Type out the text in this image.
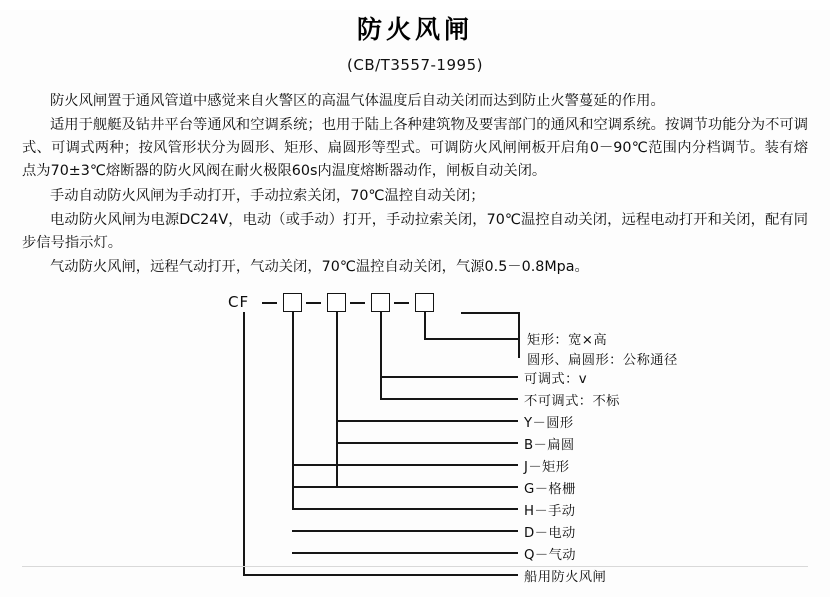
防火风闸
(CB/T3557-1995)

防火风闸置于通风管道中感觉来自火警区的高温气体温度后自动关闭而达到防止火警蔓延的作用。

适用于舰艇及钻井平台等通风和空调系统；也用于陆上各种建筑物及要害部门的通风和空调系统。按调节功能分为不可调式、可调式两种；按风管形状分为圆形、矩形、扁圆形等型式。可调防火风闸闸板开启角0－90℃范围内分档调节。装有熔点为70±3℃熔断器的防火风阀在耐火极限60s内温度熔断器动作，闸板自动关闭。

手动自动防火风闸为手动打开，手动拉索关闭，70℃温控自动关闭；

电动防火风闸为电源DC24V，电动（或手动）打开，手动拉索关闭，70℃温控自动关闭，远程电动打开和关闭，配有同步信号指示灯。

气动防火风闸，远程气动打开，气动关闭，70℃温控自动关闭，气源0.5－0.8Mpa。

CF
矩形：宽×高
圆形、扁圆形：公称通径
可调式：v
不可调式：不标
Y－圆形
B－扁圆
J－矩形
G－格栅
H－手动
D－电动
Q－气动
船用防火风闸
